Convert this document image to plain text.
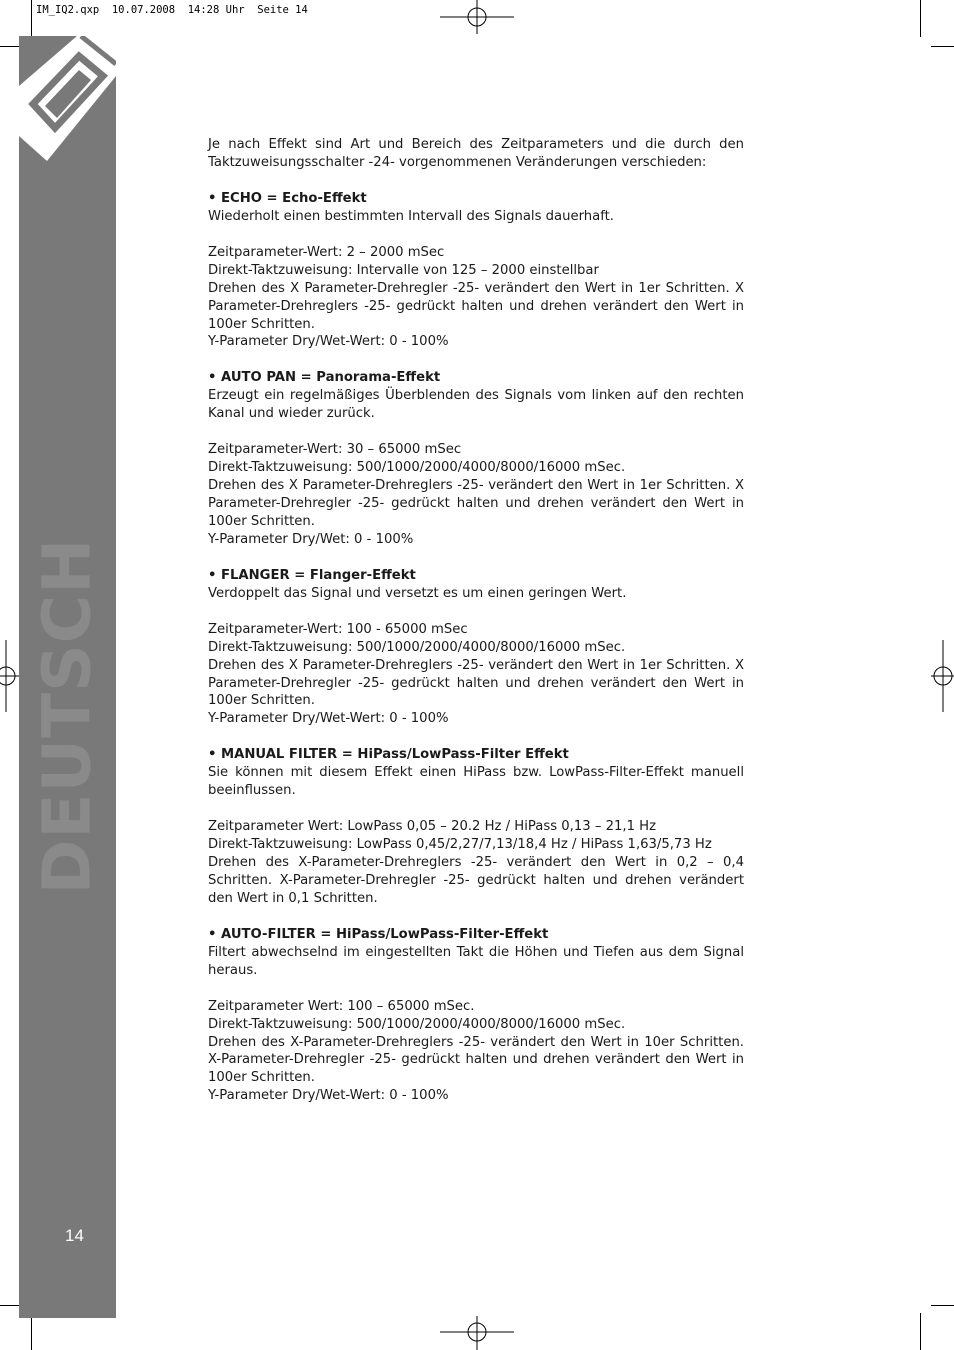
IM_IQ2.qxp  10.07.2008  14:28 Uhr  Seite 14
DEUTSCH
14

Je nach Effekt sind Art und Bereich des Zeitparameters und die durch den Taktzuweisungsschalter -24- vorgenommenen Veränderungen verschieden:

• ECHO = Echo-Effekt

Wiederholt einen bestimmten Intervall des Signals dauerhaft.

Zeitparameter-Wert: 2 – 2000 mSec
Direkt-Taktzuweisung: Intervalle von 125 – 2000 einstellbar
Drehen des X Parameter-Drehregler -25- verändert den Wert in 1er Schritten. X Parameter-Drehreglers -25- gedrückt halten und drehen verändert den Wert in 100er Schritten.
Y-Parameter Dry/Wet-Wert: 0 - 100%

• AUTO PAN = Panorama-Effekt

Erzeugt ein regelmäßiges Überblenden des Signals vom linken auf den rechten Kanal und wieder zurück.

Zeitparameter-Wert: 30 – 65000 mSec
Direkt-Taktzuweisung: 500/1000/2000/4000/8000/16000 mSec.
Drehen des X Parameter-Drehreglers -25- verändert den Wert in 1er Schritten. X Parameter-Drehregler -25- gedrückt halten und drehen verändert den Wert in 100er Schritten.
Y-Parameter Dry/Wet: 0 - 100%

• FLANGER = Flanger-Effekt

Verdoppelt das Signal und versetzt es um einen geringen Wert.

Zeitparameter-Wert: 100 - 65000 mSec
Direkt-Taktzuweisung: 500/1000/2000/4000/8000/16000 mSec.
Drehen des X Parameter-Drehreglers -25- verändert den Wert in 1er Schritten. X Parameter-Drehregler -25- gedrückt halten und drehen verändert den Wert in 100er Schritten.
Y-Parameter Dry/Wet-Wert: 0 - 100%

• MANUAL FILTER = HiPass/LowPass-Filter Effekt

Sie können mit diesem Effekt einen HiPass bzw. LowPass-Filter-Effekt manuell beeinflussen.

Zeitparameter Wert: LowPass 0,05 – 20.2 Hz / HiPass 0,13 – 21,1 Hz
Direkt-Taktzuweisung: LowPass 0,45/2,27/7,13/18,4 Hz / HiPass 1,63/5,73 Hz
Drehen des X-Parameter-Drehreglers -25- verändert den Wert in 0,2 – 0,4 Schritten. X-Parameter-Drehregler -25- gedrückt halten und drehen verändert den Wert in 0,1 Schritten.

• AUTO-FILTER = HiPass/LowPass-Filter-Effekt

Filtert abwechselnd im eingestellten Takt die Höhen und Tiefen aus dem Signal heraus.

Zeitparameter Wert: 100 – 65000 mSec.
Direkt-Taktzuweisung: 500/1000/2000/4000/8000/16000 mSec.
Drehen des X-Parameter-Drehreglers -25- verändert den Wert in 10er Schritten. X-Parameter-Drehregler -25- gedrückt halten und drehen verändert den Wert in 100er Schritten.
Y-Parameter Dry/Wet-Wert: 0 - 100%
